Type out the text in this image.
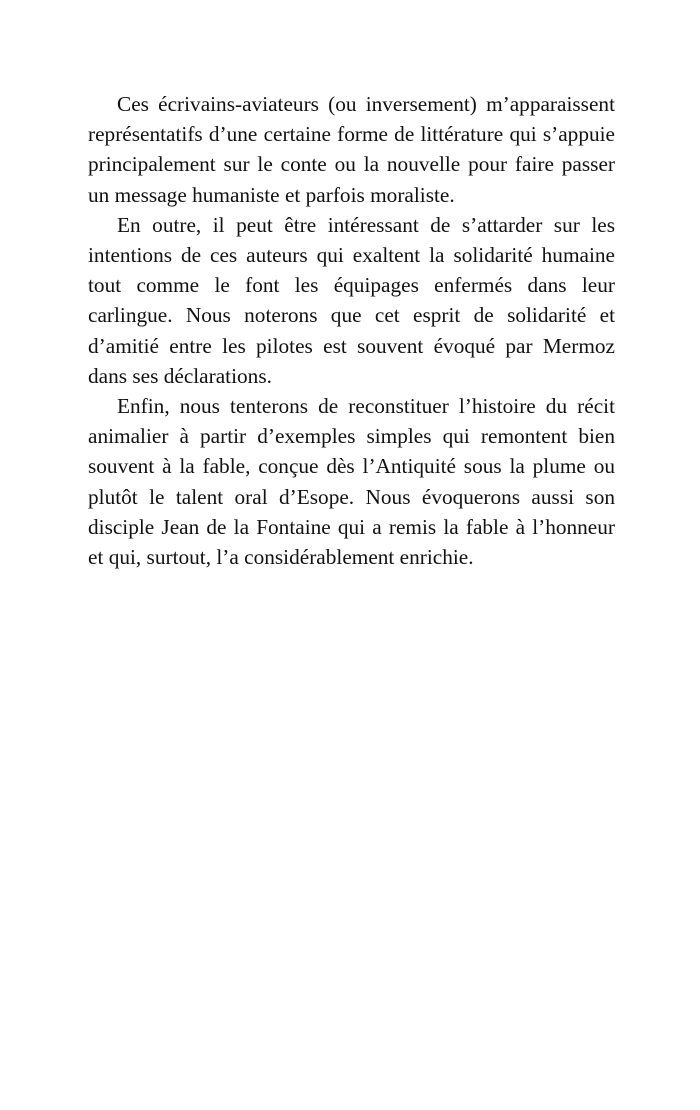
Ces écrivains-aviateurs (ou inversement) m’apparaissent représentatifs d’une certaine forme de littérature qui s’appuie principalement sur le conte ou la nouvelle pour faire passer un message humaniste et parfois moraliste.

En outre, il peut être intéressant de s’attarder sur les intentions de ces auteurs qui exaltent la solidarité humaine tout comme le font les équipages enfermés dans leur carlingue. Nous noterons que cet esprit de solidarité et d’amitié entre les pilotes est souvent évoqué par Mermoz dans ses déclarations.

Enfin, nous tenterons de reconstituer l’histoire du récit animalier à partir d’exemples simples qui remontent bien souvent à la fable, conçue dès l’Antiquité sous la plume ou plutôt le talent oral d’Esope. Nous évoquerons aussi son disciple Jean de la Fontaine qui a remis la fable à l’honneur et qui, surtout, l’a considérablement enrichie.
